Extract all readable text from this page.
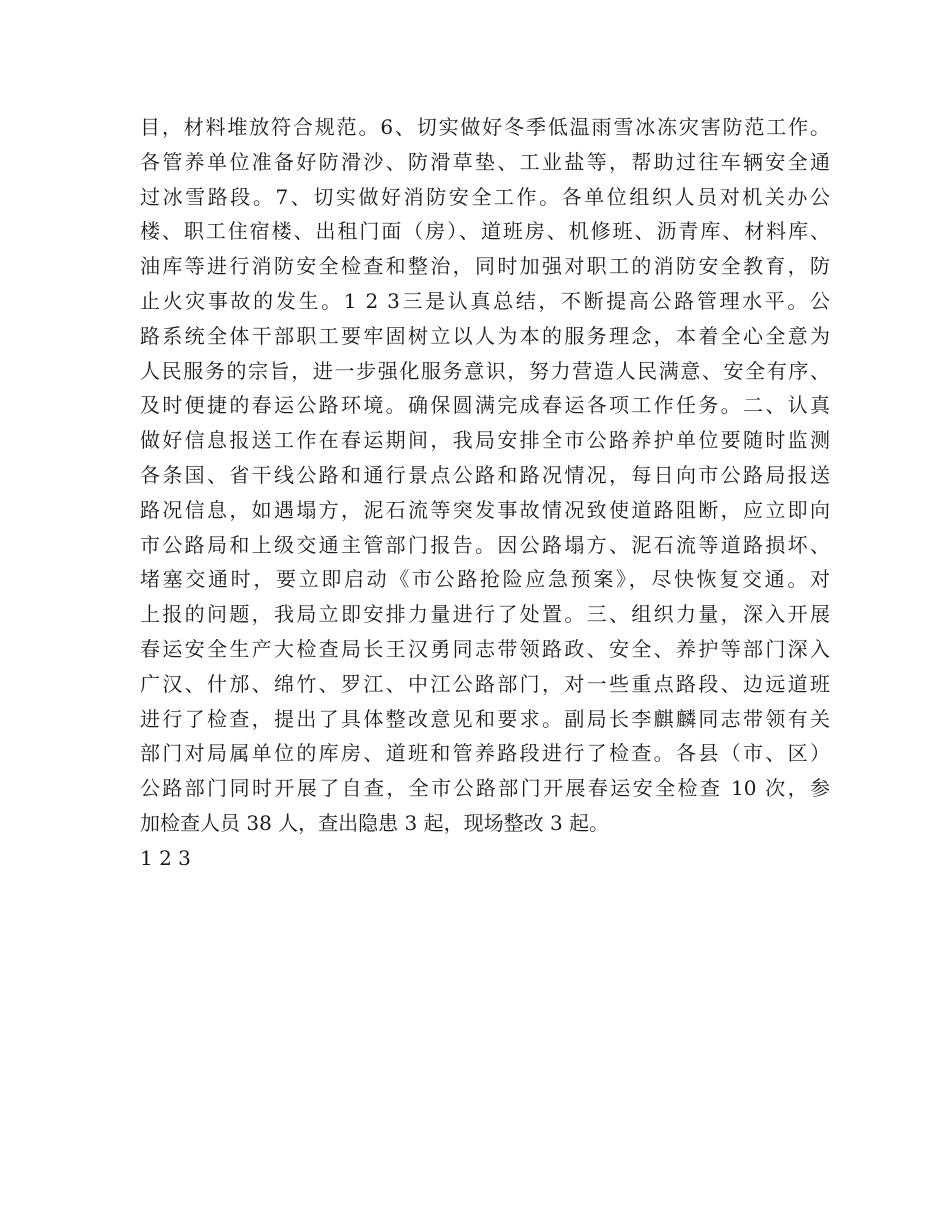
目，材料堆放符合规范。6、切实做好冬季低温雨雪冰冻灾害防范工作。
各管养单位准备好防滑沙、防滑草垫、工业盐等，帮助过往车辆安全通
过冰雪路段。7、切实做好消防安全工作。各单位组织人员对机关办公
楼、职工住宿楼、出租门面（房）、道班房、机修班、沥青库、材料库、
油库等进行消防安全检查和整治，同时加强对职工的消防安全教育，防
止火灾事故的发生。1 2 3三是认真总结，不断提高公路管理水平。公
路系统全体干部职工要牢固树立以人为本的服务理念，本着全心全意为
人民服务的宗旨，进一步强化服务意识，努力营造人民满意、安全有序、
及时便捷的春运公路环境。确保圆满完成春运各项工作任务。二、认真
做好信息报送工作在春运期间，我局安排全市公路养护单位要随时监测
各条国、省干线公路和通行景点公路和路况情况，每日向市公路局报送
路况信息，如遇塌方，泥石流等突发事故情况致使道路阻断，应立即向
市公路局和上级交通主管部门报告。因公路塌方、泥石流等道路损坏、
堵塞交通时，要立即启动《市公路抢险应急预案》，尽快恢复交通。对
上报的问题，我局立即安排力量进行了处置。三、组织力量，深入开展
春运安全生产大检查局长王汉勇同志带领路政、安全、养护等部门深入
广汉、什邡、绵竹、罗江、中江公路部门，对一些重点路段、边远道班
进行了检查，提出了具体整改意见和要求。副局长李麒麟同志带领有关
部门对局属单位的库房、道班和管养路段进行了检查。各县（市、区）
公路部门同时开展了自查，全市公路部门开展春运安全检查 10 次，参
加检查人员 38 人，查出隐患 3 起，现场整改 3 起。
1 2 3
